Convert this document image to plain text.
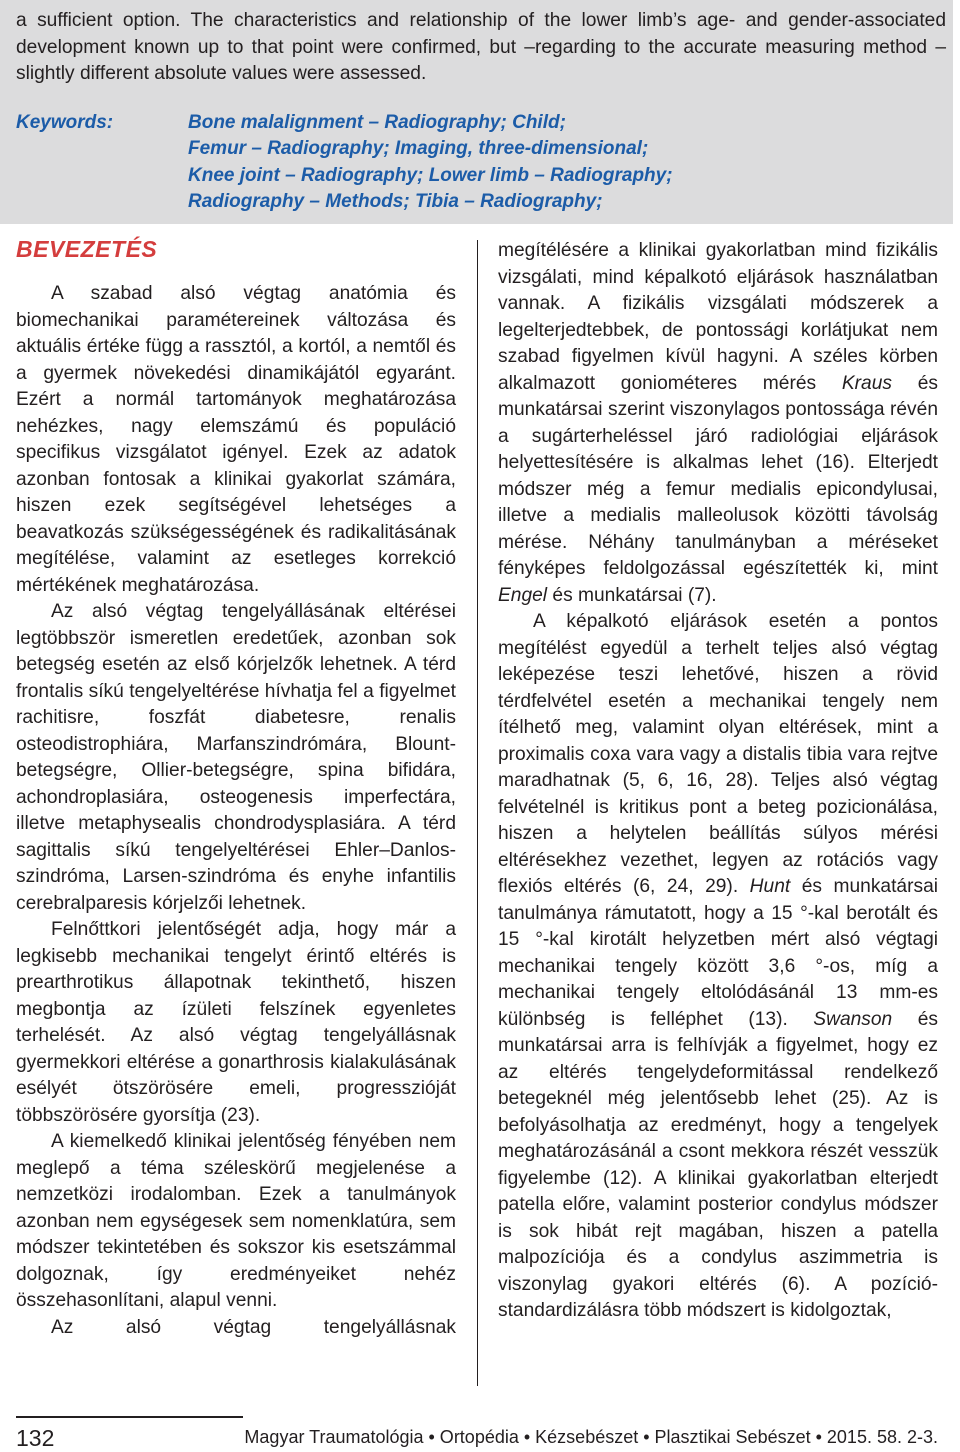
a sufficient option. The characteristics and relationship of the lower limb’s age- and gender-associated development known up to that point were confirmed, but –regarding to the accurate measuring method – slightly different absolute values were assessed.

Keywords:	Bone malalignment – Radiography; Child;
Femur – Radiography; Imaging, three-dimensional;
Knee joint – Radiography; Lower limb – Radiography;
Radiography – Methods; Tibia – Radiography;
BEVEZETÉS

A szabad alsó végtag anatómia és biomechanikai paramétereinek változása és aktuális értéke függ a rassztól, a kortól, a nemtől és a gyermek növekedési dinamikájától egyaránt. Ezért a normál tartományok meghatározása nehézkes, nagy elemszámú és populáció specifikus vizsgálatot igényel. Ezek az adatok azonban fontosak a klinikai gyakorlat számára, hiszen ezek segítségével lehetséges a beavatkozás szükségességének és radikalitásának megítélése, valamint az esetleges korrekció mértékének meghatározása.

Az alsó végtag tengelyállásának eltérései legtöbbször ismeretlen eredetűek, azonban sok betegség esetén az első kórjelzők lehetnek. A térd frontalis síkú tengelyeltérése hívhatja fel a figyelmet rachitisre, foszfát diabetesre, renalis osteodistrophiára, Marfanszindrómára, Blount-betegségre, Ollier-betegségre, spina bifidára, achondroplasiára, osteogenesis imperfectára, illetve metaphysealis chondrodysplasiára. A térd sagittalis síkú tengelyeltérései Ehler–Danlos-szindróma, Larsen-szindróma és enyhe infantilis cerebralparesis kórjelzői lehetnek.

Felnőttkori jelentőségét adja, hogy már a legkisebb mechanikai tengelyt érintő eltérés is prearthrotikus állapotnak tekinthető, hiszen megbontja az ízületi felszínek egyenletes terhelését. Az alsó végtag tengelyállásnak gyermekkori eltérése a gonarthrosis kialakulásának esélyét ötszörösére emeli, progresszióját többszörösére gyorsítja (23).

A kiemelkedő klinikai jelentőség fényében nem meglepő a téma széleskörű megjelenése a nemzetközi irodalomban. Ezek a tanulmányok azonban nem egységesek sem nomenklatúra, sem módszer tekintetében és sokszor kis esetszámmal dolgoznak, így eredményeiket nehéz összehasonlítani, alapul venni.

Az alsó végtag tengelyállásnak

megítélésére a klinikai gyakorlatban mind fizikális vizsgálati, mind képalkotó eljárások használatban vannak. A fizikális vizsgálati módszerek a legelterjedtebbek, de pontossági korlátjukat nem szabad figyelmen kívül hagyni. A széles körben alkalmazott goniométeres mérés Kraus és munkatársai szerint viszonylagos pontossága révén a sugárterheléssel járó radiológiai eljárások helyettesítésére is alkalmas lehet (16). Elterjedt módszer még a femur medialis epicondylusai, illetve a medialis malleolusok közötti távolság mérése. Néhány tanulmányban a méréseket fényképes feldolgozással egészítették ki, mint Engel és munkatársai (7).

A képalkotó eljárások esetén a pontos megítélést egyedül a terhelt teljes alsó végtag leképezése teszi lehetővé, hiszen a rövid térdfelvétel esetén a mechanikai tengely nem ítélhető meg, valamint olyan eltérések, mint a proximalis coxa vara vagy a distalis tibia vara rejtve maradhatnak (5, 6, 16, 28). Teljes alsó végtag felvételnél is kritikus pont a beteg pozicionálása, hiszen a helytelen beállítás súlyos mérési eltérésekhez vezethet, legyen az rotációs vagy flexiós eltérés (6, 24, 29). Hunt és munkatársai tanulmánya rámutatott, hogy a 15 °-kal berotált és 15 °-kal kirotált helyzetben mért alsó végtagi mechanikai tengely között 3,6 °-os, míg a mechanikai tengely eltolódásánál 13 mm-es különbség is felléphet (13). Swanson és munkatársai arra is felhívják a figyelmet, hogy ez az eltérés tengelydeformitással rendelkező betegeknél még jelentősebb lehet (25). Az is befolyásolhatja az eredményt, hogy a tengelyek meghatározásánál a csont mekkora részét vesszük figyelembe (12). A klinikai gyakorlatban elterjedt patella előre, valamint posterior condylus módszer is sok hibát rejt magában, hiszen a patella malpozíciója és a condylus aszimmetria is viszonylag gyakori eltérés (6). A pozíció-standardizálásra több módszert is kidolgoztak,

132	Magyar Traumatológia • Ortopédia • Kézsebészet • Plasztikai Sebészet • 2015. 58. 2-3.
